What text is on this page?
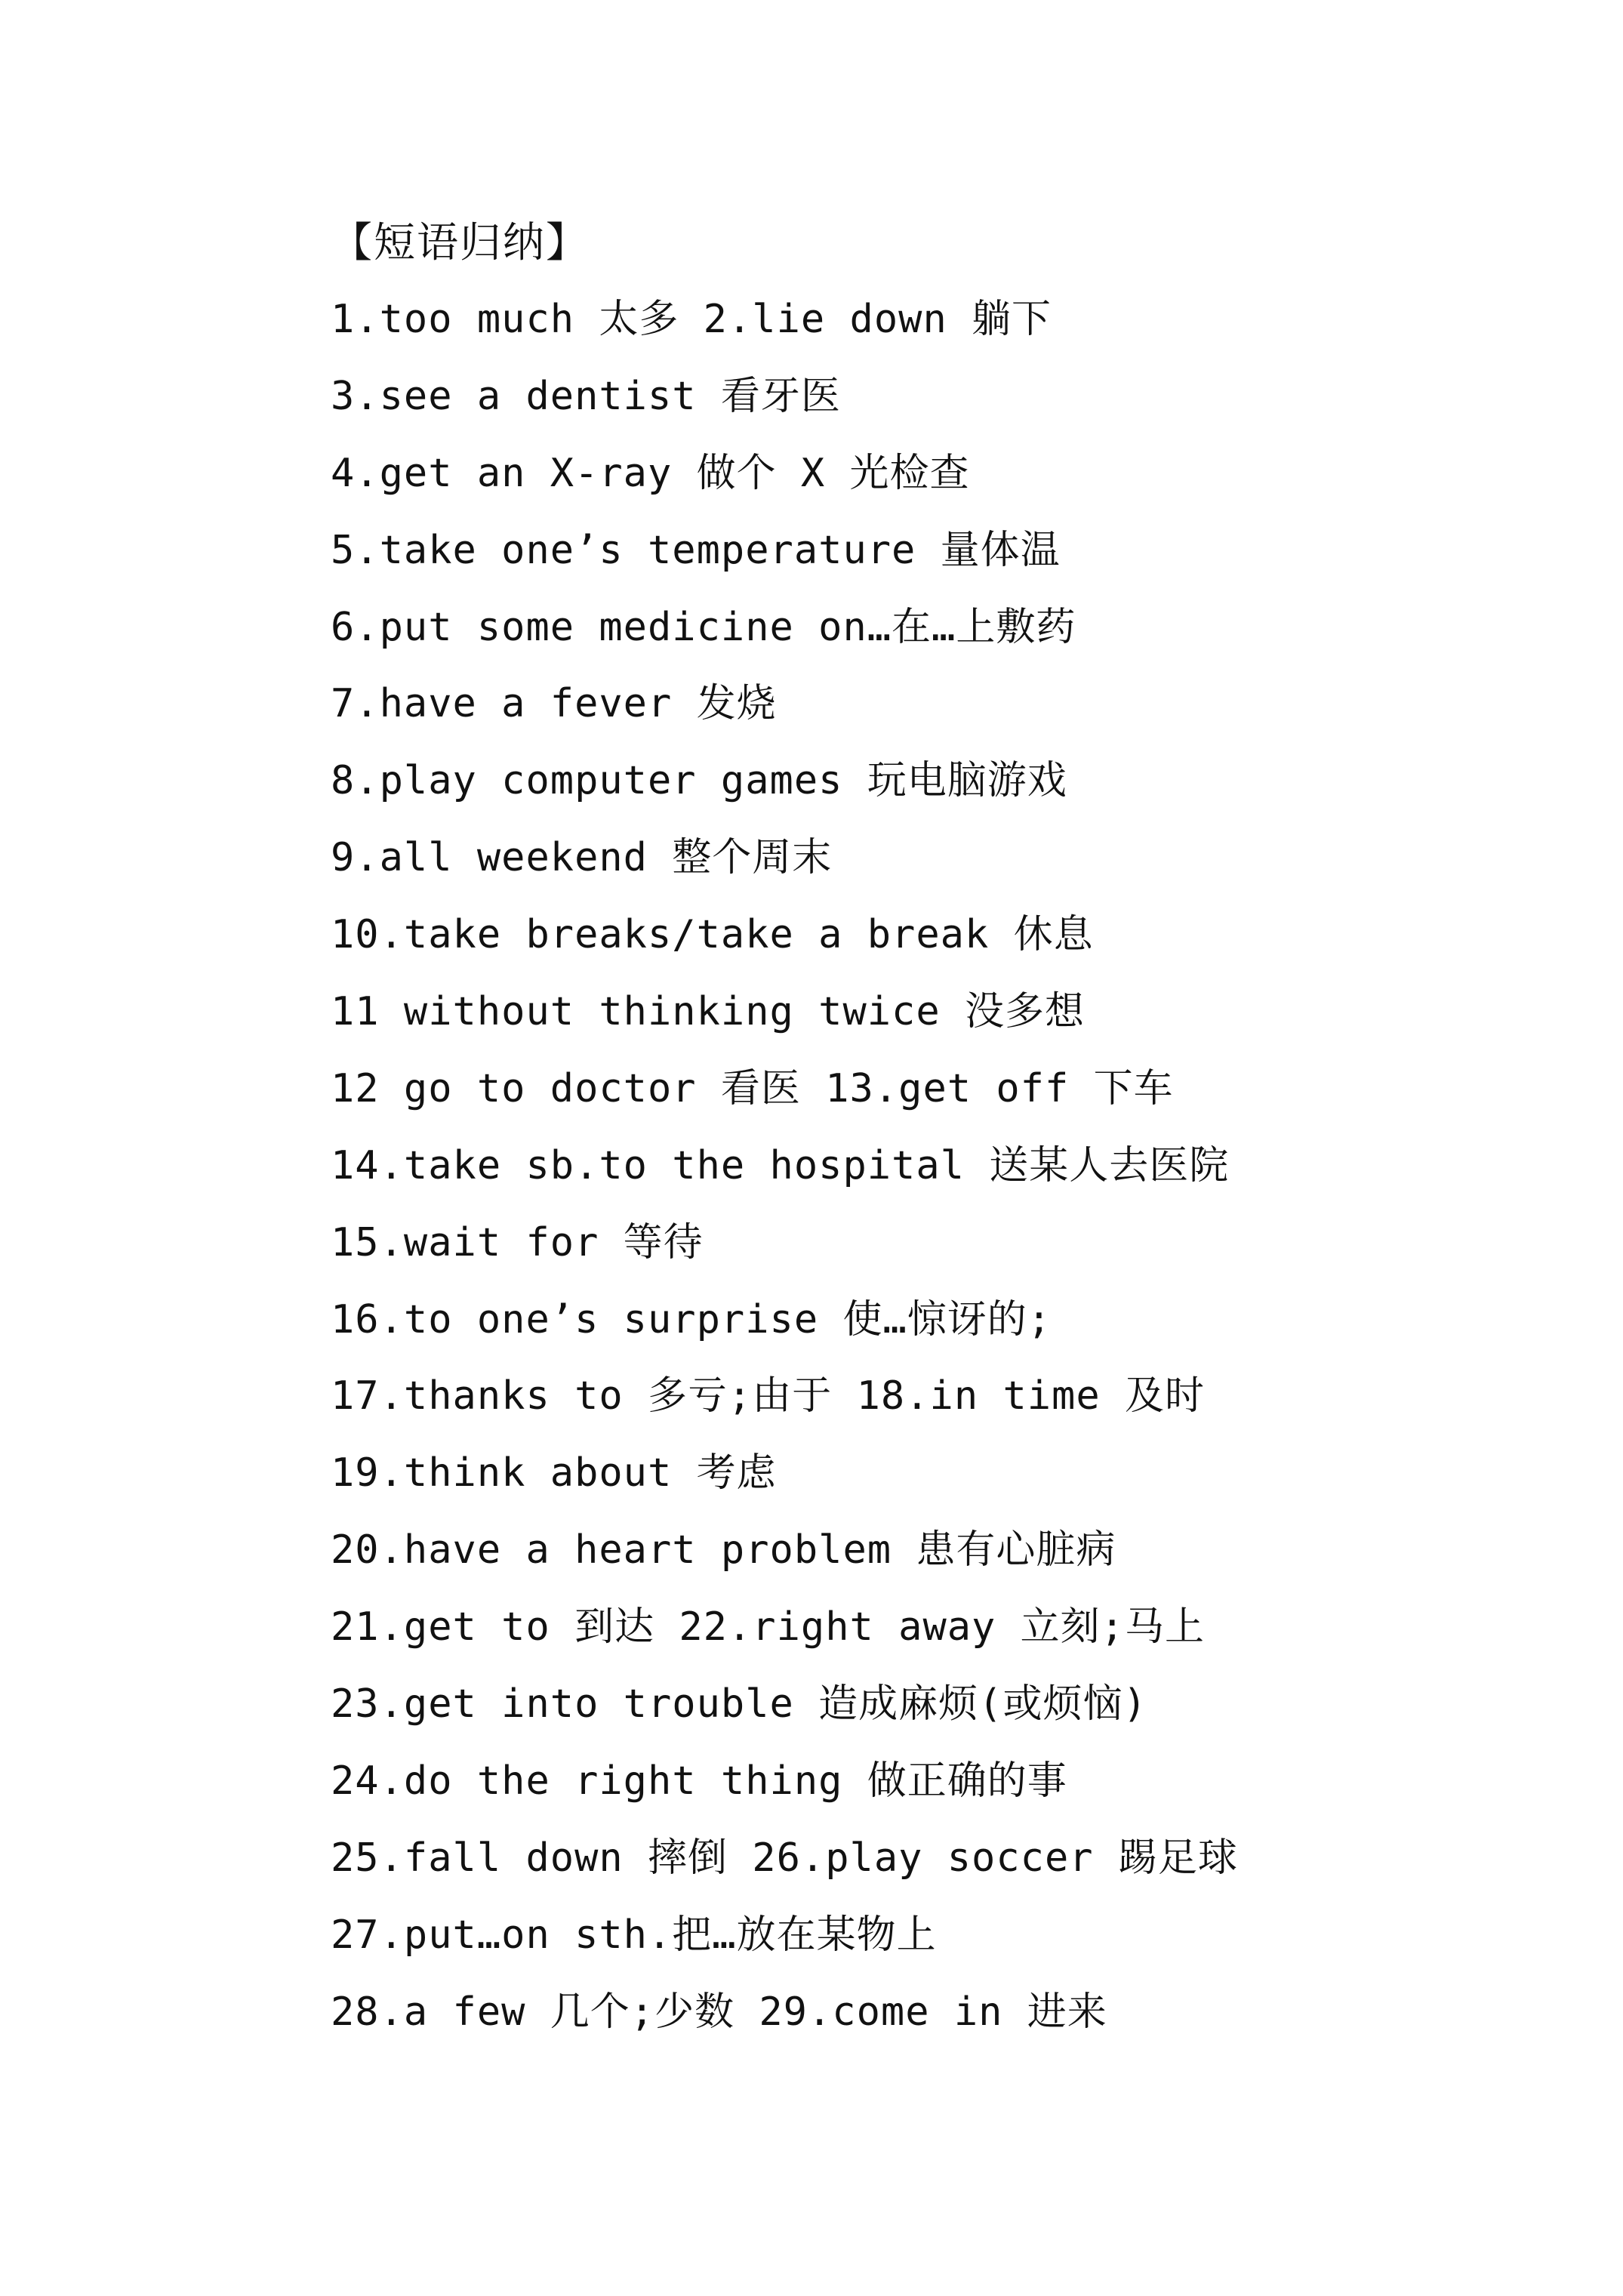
【短语归纳】
1.too much 太多 2.lie down 躺下
3.see a dentist 看牙医
4.get an X-ray 做个 X 光检查
5.take one’s temperature 量体温
6.put some medicine on…在…上敷药
7.have a fever 发烧
8.play computer games 玩电脑游戏
9.all weekend 整个周末
10.take breaks/take a break 休息
11 without thinking twice 没多想
12 go to doctor 看医 13.get off 下车
14.take sb.to the hospital 送某人去医院
15.wait for 等待
16.to one’s surprise 使…惊讶的;
17.thanks to 多亏;由于 18.in time 及时
19.think about 考虑
20.have a heart problem 患有心脏病
21.get to 到达 22.right away 立刻;马上
23.get into trouble 造成麻烦(或烦恼)
24.do the right thing 做正确的事
25.fall down 摔倒 26.play soccer 踢足球
27.put…on sth.把…放在某物上
28.a few 几个;少数 29.come in 进来
